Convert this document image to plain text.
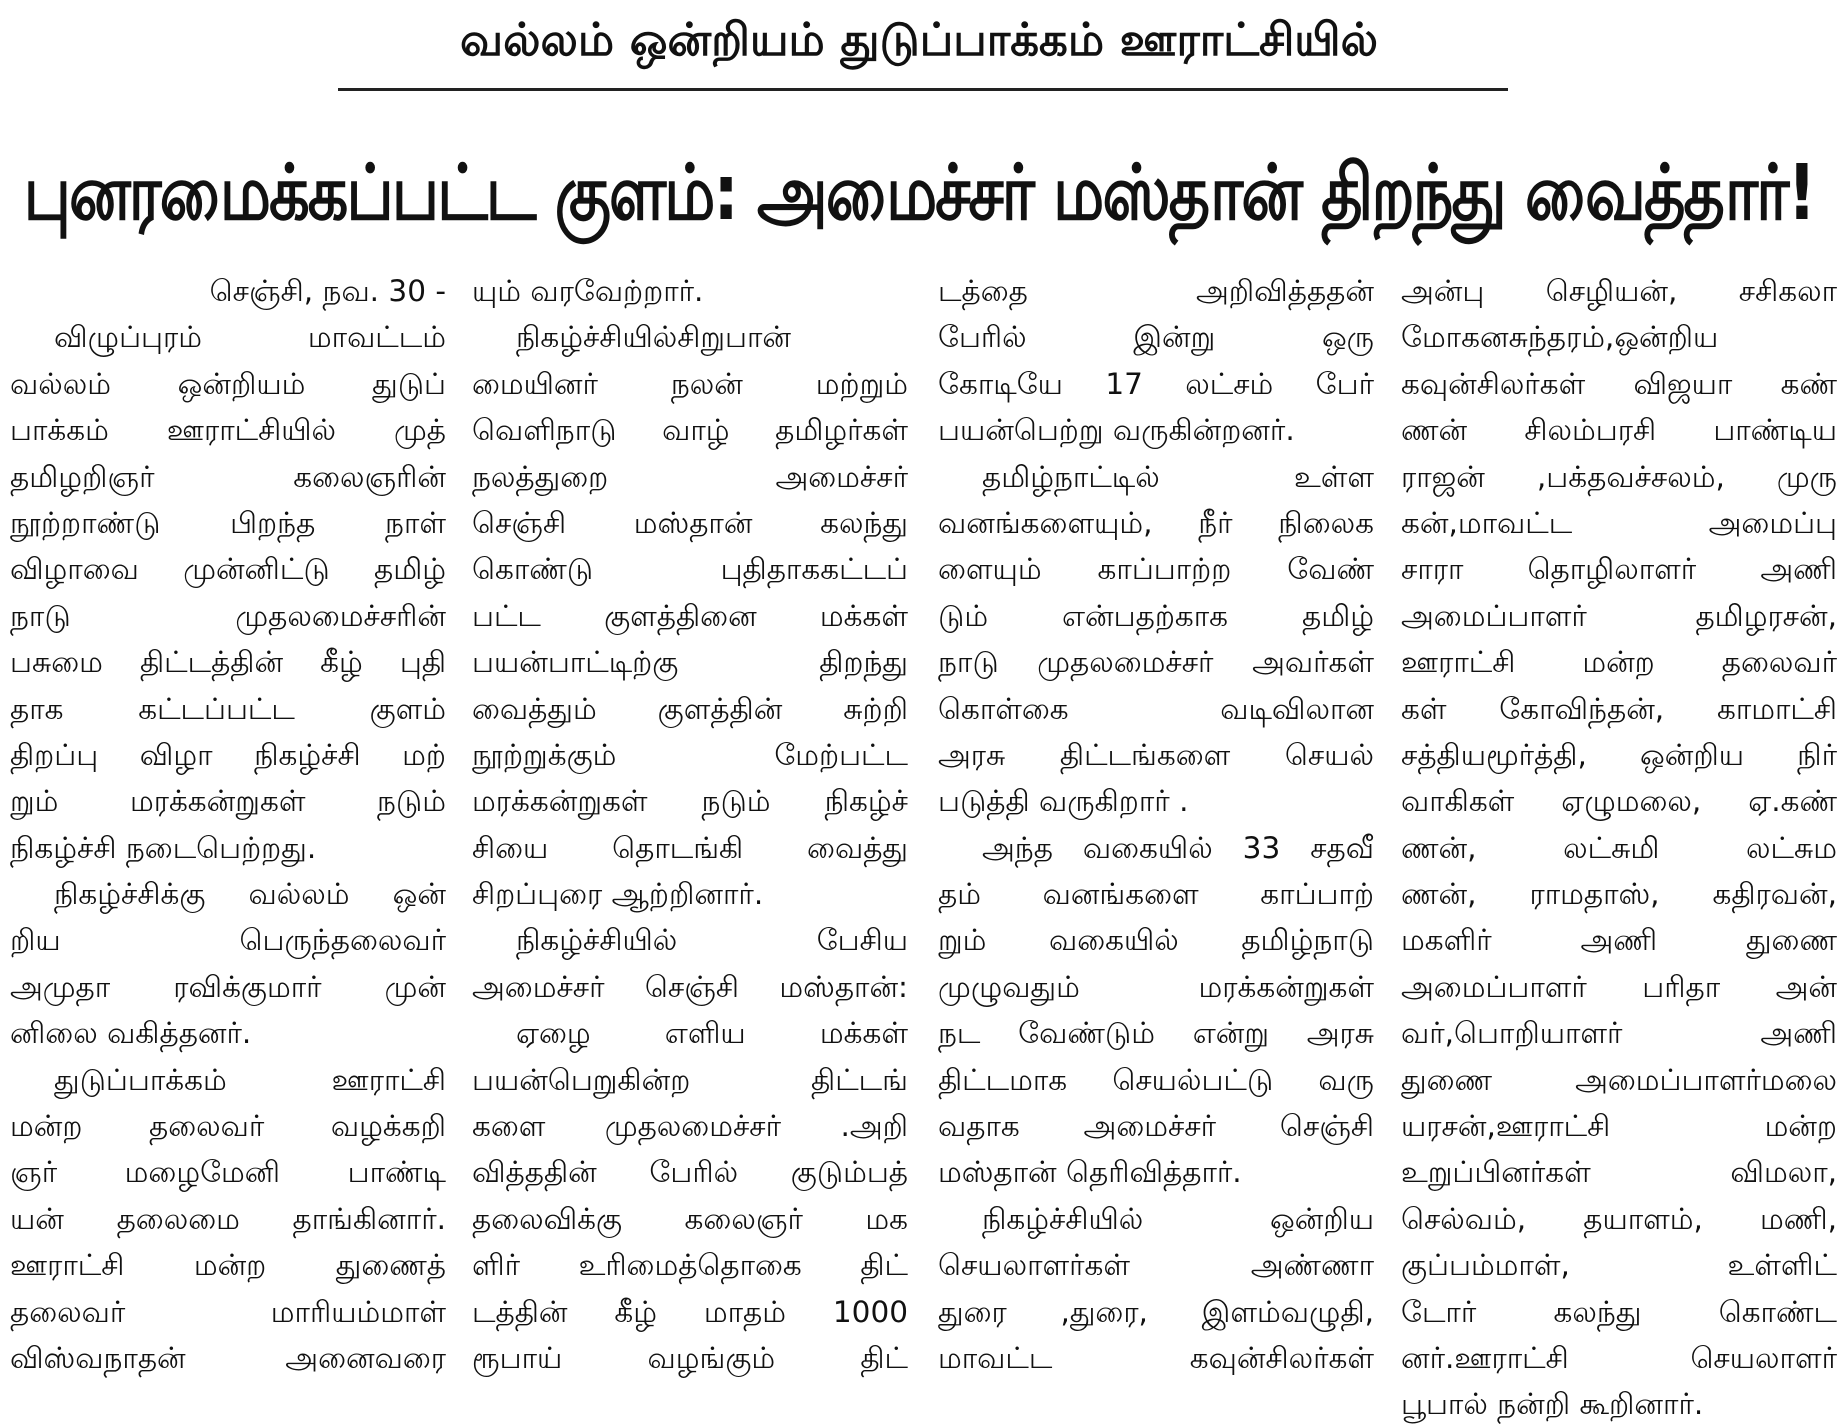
வல்லம் ஒன்றியம் துடுப்பாக்கம் ஊராட்சியில்
புனரமைக்கப்பட்ட குளம்: அமைச்சர் மஸ்தான் திறந்து வைத்தார்!
செஞ்சி, நவ. 30 -
விழுப்புரம் மாவட்டம்
வல்லம் ஒன்றியம் துடுப்
பாக்கம் ஊராட்சியில் முத்
தமிழறிஞர் கலைஞரின்
நூற்றாண்டு பிறந்த நாள்
விழாவை முன்னிட்டு தமிழ்
நாடு முதலமைச்சரின்
பசுமை திட்டத்தின் கீழ் புதி
தாக கட்டப்பட்ட குளம்
திறப்பு விழா நிகழ்ச்சி மற்
றும் மரக்கன்றுகள் நடும்
நிகழ்ச்சி நடைபெற்றது.
நிகழ்ச்சிக்கு வல்லம் ஒன்
றிய பெருந்தலைவர்
அமுதா ரவிக்குமார் முன்
னிலை வகித்தனர்.
துடுப்பாக்கம் ஊராட்சி
மன்ற தலைவர் வழக்கறி
ஞர் மழைமேனி பாண்டி
யன் தலைமை தாங்கினார்.
ஊராட்சி மன்ற துணைத்
தலைவர் மாரியம்மாள்
விஸ்வநாதன் அனைவரை
யும் வரவேற்றார்.
நிகழ்ச்சியில்சிறுபான்
மையினர் நலன் மற்றும்
வெளிநாடு வாழ் தமிழர்கள்
நலத்துறை அமைச்சர்
செஞ்சி மஸ்தான் கலந்து
கொண்டு புதிதாககட்டப்
பட்ட குளத்தினை மக்கள்
பயன்பாட்டிற்கு திறந்து
வைத்தும் குளத்தின் சுற்றி
நூற்றுக்கும் மேற்பட்ட
மரக்கன்றுகள் நடும் நிகழ்ச்
சியை தொடங்கி வைத்து
சிறப்புரை ஆற்றினார்.
நிகழ்ச்சியில் பேசிய
அமைச்சர் செஞ்சி மஸ்தான்:
ஏழை எளிய மக்கள்
பயன்பெறுகின்ற திட்டங்
களை முதலமைச்சர் .அறி
வித்ததின் பேரில் குடும்பத்
தலைவிக்கு கலைஞர் மக
ளிர் உரிமைத்தொகை திட்
டத்தின் கீழ் மாதம் 1000
ரூபாய் வழங்கும் திட்
டத்தை அறிவித்ததன்
பேரில் இன்று ஒரு
கோடியே 17 லட்சம் பேர்
பயன்பெற்று வருகின்றனர்.
தமிழ்நாட்டில் உள்ள
வனங்களையும், நீர் நிலைக
ளையும் காப்பாற்ற வேண்
டும் என்பதற்காக தமிழ்
நாடு முதலமைச்சர் அவர்கள்
கொள்கை வடிவிலான
அரசு திட்டங்களை செயல்
படுத்தி வருகிறார் .
அந்த வகையில் 33 சதவீ
தம் வனங்களை காப்பாற்
றும் வகையில் தமிழ்நாடு
முழுவதும் மரக்கன்றுகள்
நட வேண்டும் என்று அரசு
திட்டமாக செயல்பட்டு வரு
வதாக அமைச்சர் செஞ்சி
மஸ்தான் தெரிவித்தார்.
நிகழ்ச்சியில் ஒன்றிய
செயலாளர்கள் அண்ணா
துரை ,துரை, இளம்வழுதி,
மாவட்ட கவுன்சிலர்கள்
அன்பு செழியன், சசிகலா
மோகனசுந்தரம்,ஒன்றிய
கவுன்சிலர்கள் விஜயா கண்
ணன் சிலம்பரசி பாண்டிய
ராஜன் ,பக்தவச்சலம், முரு
கன்,மாவட்ட அமைப்பு
சாரா தொழிலாளர் அணி
அமைப்பாளர் தமிழரசன்,
ஊராட்சி மன்ற தலைவர்
கள் கோவிந்தன், காமாட்சி
சத்தியமூர்த்தி, ஒன்றிய நிர்
வாகிகள் ஏழுமலை, ஏ.கண்
ணன், லட்சுமி லட்சும
ணன், ராமதாஸ், கதிரவன்,
மகளிர் அணி துணை
அமைப்பாளர் பரிதா அன்
வர்,பொறியாளர் அணி
துணை அமைப்பாளர்மலை
யரசன்,ஊராட்சி மன்ற
உறுப்பினர்கள் விமலா,
செல்வம், தயாளம், மணி,
குப்பம்மாள், உள்ளிட்
டோர் கலந்து கொண்ட
னர்.ஊராட்சி செயலாளர்
பூபால் நன்றி கூறினார்.
